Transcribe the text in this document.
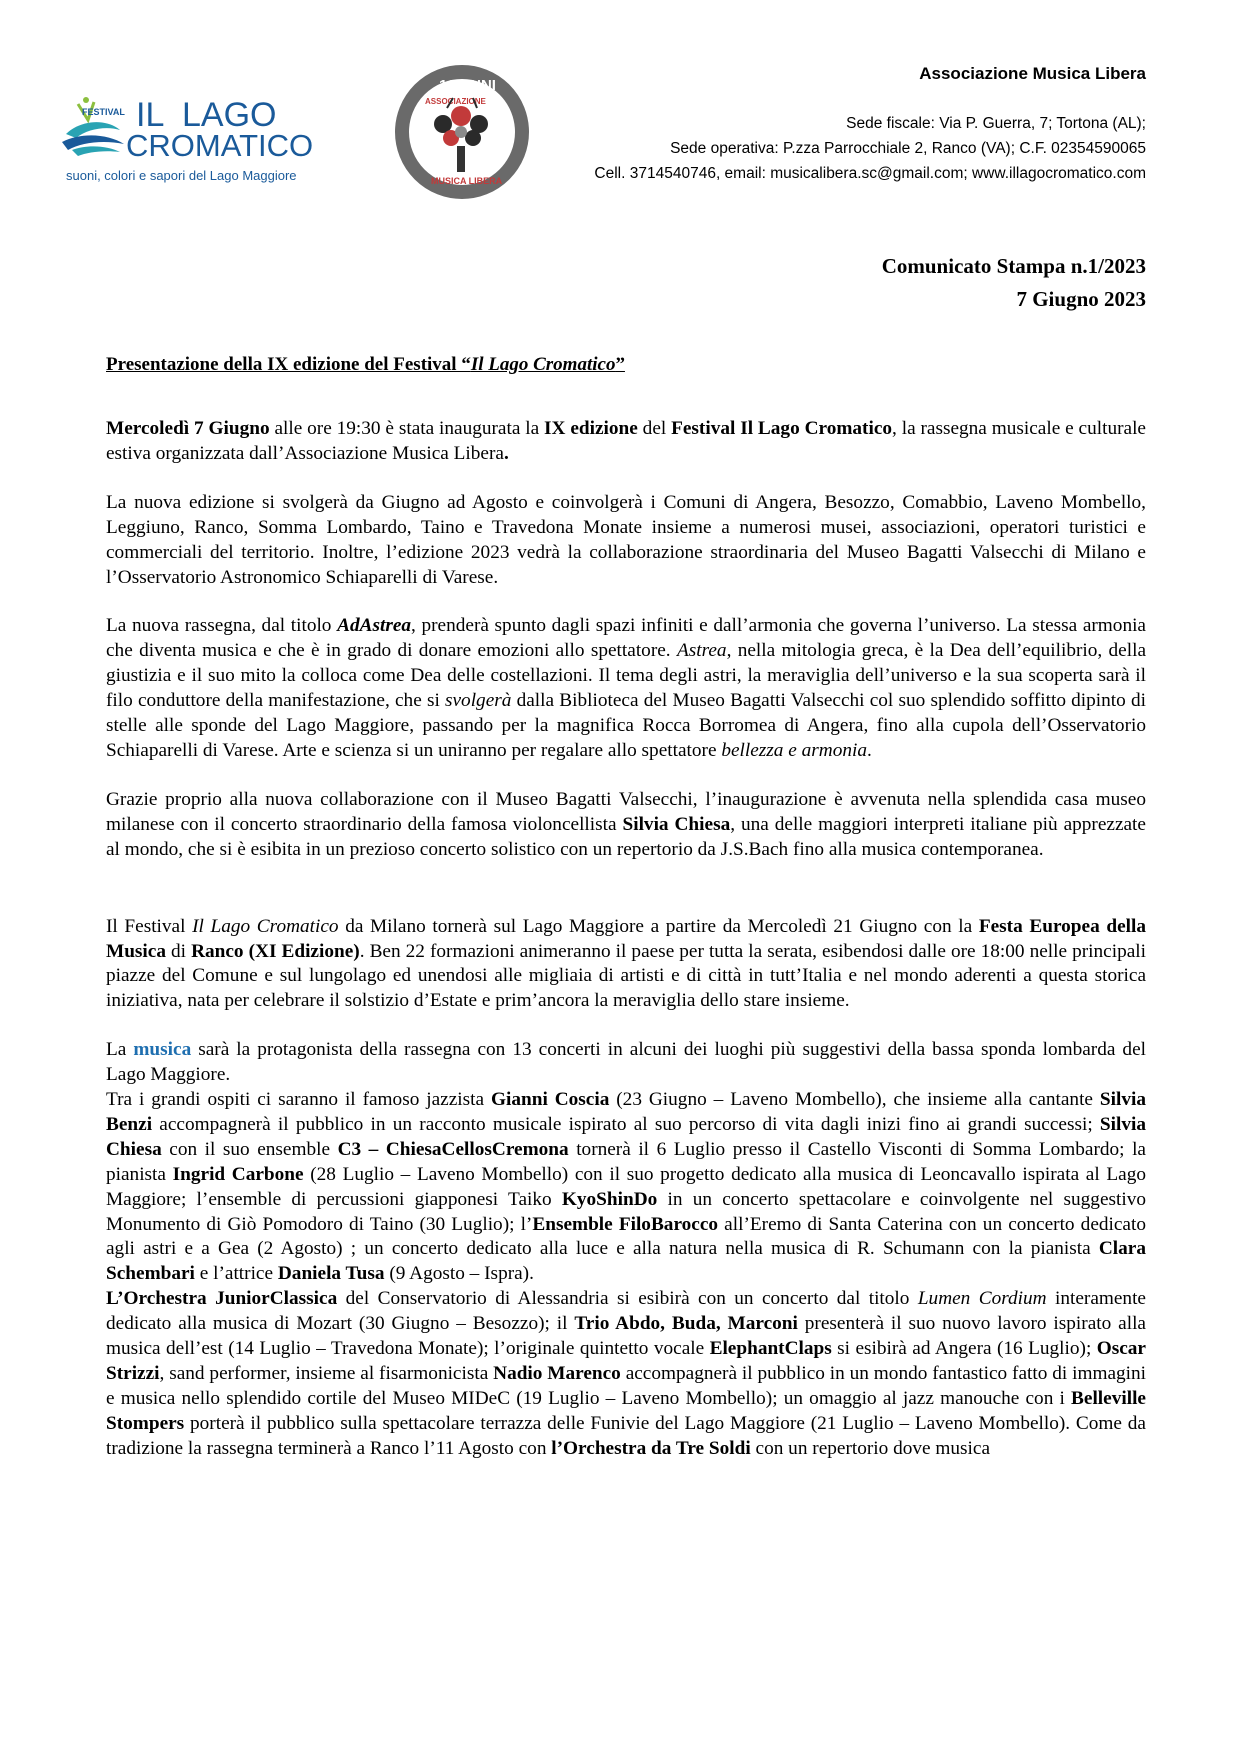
FESTIVAL IL LAGO
CROMATICO
suoni, colori e sapori del Lago Maggiore
10 ANNI
ASSOCIAZIONE
MUSICA LIBERA
Associazione Musica Libera
Sede fiscale: Via P. Guerra, 7; Tortona (AL);
Sede operativa: P.zza Parrocchiale 2, Ranco (VA); C.F. 02354590065
Cell. 3714540746, email: musicalibera.sc@gmail.com; www.illagocromatico.com
Comunicato Stampa n.1/2023
7 Giugno 2023
Presentazione della IX edizione del Festival “Il Lago Cromatico”

Mercoledì 7 Giugno alle ore 19:30 è stata inaugurata la IX edizione del Festival Il Lago Cromatico, la rassegna musicale e culturale estiva organizzata dall’Associazione Musica Libera.

La nuova edizione si svolgerà da Giugno ad Agosto e coinvolgerà i Comuni di Angera, Besozzo, Comabbio, Laveno Mombello, Leggiuno, Ranco, Somma Lombardo, Taino e Travedona Monate insieme a numerosi musei, associazioni, operatori turistici e commerciali del territorio. Inoltre, l’edizione 2023 vedrà la collaborazione straordinaria del Museo Bagatti Valsecchi di Milano e l’Osservatorio Astronomico Schiaparelli di Varese.

La nuova rassegna, dal titolo AdAstrea, prenderà spunto dagli spazi infiniti e dall’armonia che governa l’universo. La stessa armonia che diventa musica e che è in grado di donare emozioni allo spettatore. Astrea, nella mitologia greca, è la Dea dell’equilibrio, della giustizia e il suo mito la colloca come Dea delle costellazioni. Il tema degli astri, la meraviglia dell’universo e la sua scoperta sarà il filo conduttore della manifestazione, che si svolgerà dalla Biblioteca del Museo Bagatti Valsecchi col suo splendido soffitto dipinto di stelle alle sponde del Lago Maggiore, passando per la magnifica Rocca Borromea di Angera, fino alla cupola dell’Osservatorio Schiaparelli di Varese. Arte e scienza si un uniranno per regalare allo spettatore bellezza e armonia.

Grazie proprio alla nuova collaborazione con il Museo Bagatti Valsecchi, l’inaugurazione è avvenuta nella splendida casa museo milanese con il concerto straordinario della famosa violoncellista Silvia Chiesa, una delle maggiori interpreti italiane più apprezzate al mondo, che si è esibita in un prezioso concerto solistico con un repertorio da J.S.Bach fino alla musica contemporanea.

Il Festival Il Lago Cromatico da Milano tornerà sul Lago Maggiore a partire da Mercoledì 21 Giugno con la Festa Europea della Musica di Ranco (XI Edizione). Ben 22 formazioni animeranno il paese per tutta la serata, esibendosi dalle ore 18:00 nelle principali piazze del Comune e sul lungolago ed unendosi alle migliaia di artisti e di città in tutt’Italia e nel mondo aderenti a questa storica iniziativa, nata per celebrare il solstizio d’Estate e prim’ancora la meraviglia dello stare insieme.

La musica sarà la protagonista della rassegna con 13 concerti in alcuni dei luoghi più suggestivi della bassa sponda lombarda del Lago Maggiore.

Tra i grandi ospiti ci saranno il famoso jazzista Gianni Coscia (23 Giugno – Laveno Mombello), che insieme alla cantante Silvia Benzi accompagnerà il pubblico in un racconto musicale ispirato al suo percorso di vita dagli inizi fino ai grandi successi; Silvia Chiesa con il suo ensemble C3 – ChiesaCellosCremona tornerà il 6 Luglio presso il Castello Visconti di Somma Lombardo; la pianista Ingrid Carbone (28 Luglio – Laveno Mombello) con il suo progetto dedicato alla musica di Leoncavallo ispirata al Lago Maggiore; l’ensemble di percussioni giapponesi Taiko KyoShinDo in un concerto spettacolare e coinvolgente nel suggestivo Monumento di Giò Pomodoro di Taino (30 Luglio); l’Ensemble FiloBarocco all’Eremo di Santa Caterina con un concerto dedicato agli astri e a Gea (2 Agosto) ; un concerto dedicato alla luce e alla natura nella musica di R. Schumann con la pianista Clara Schembari e l’attrice Daniela Tusa (9 Agosto – Ispra).

L’Orchestra JuniorClassica del Conservatorio di Alessandria si esibirà con un concerto dal titolo Lumen Cordium interamente dedicato alla musica di Mozart (30 Giugno – Besozzo); il Trio Abdo, Buda, Marconi presenterà il suo nuovo lavoro ispirato alla musica dell’est (14 Luglio – Travedona Monate); l’originale quintetto vocale ElephantClaps si esibirà ad Angera (16 Luglio); Oscar Strizzi, sand performer, insieme al fisarmonicista Nadio Marenco accompagnerà il pubblico in un mondo fantastico fatto di immagini e musica nello splendido cortile del Museo MIDeC (19 Luglio – Laveno Mombello); un omaggio al jazz manouche con i Belleville Stompers porterà il pubblico sulla spettacolare terrazza delle Funivie del Lago Maggiore (21 Luglio – Laveno Mombello). Come da tradizione la rassegna terminerà a Ranco l’11 Agosto con l’Orchestra da Tre Soldi con un repertorio dove musica
